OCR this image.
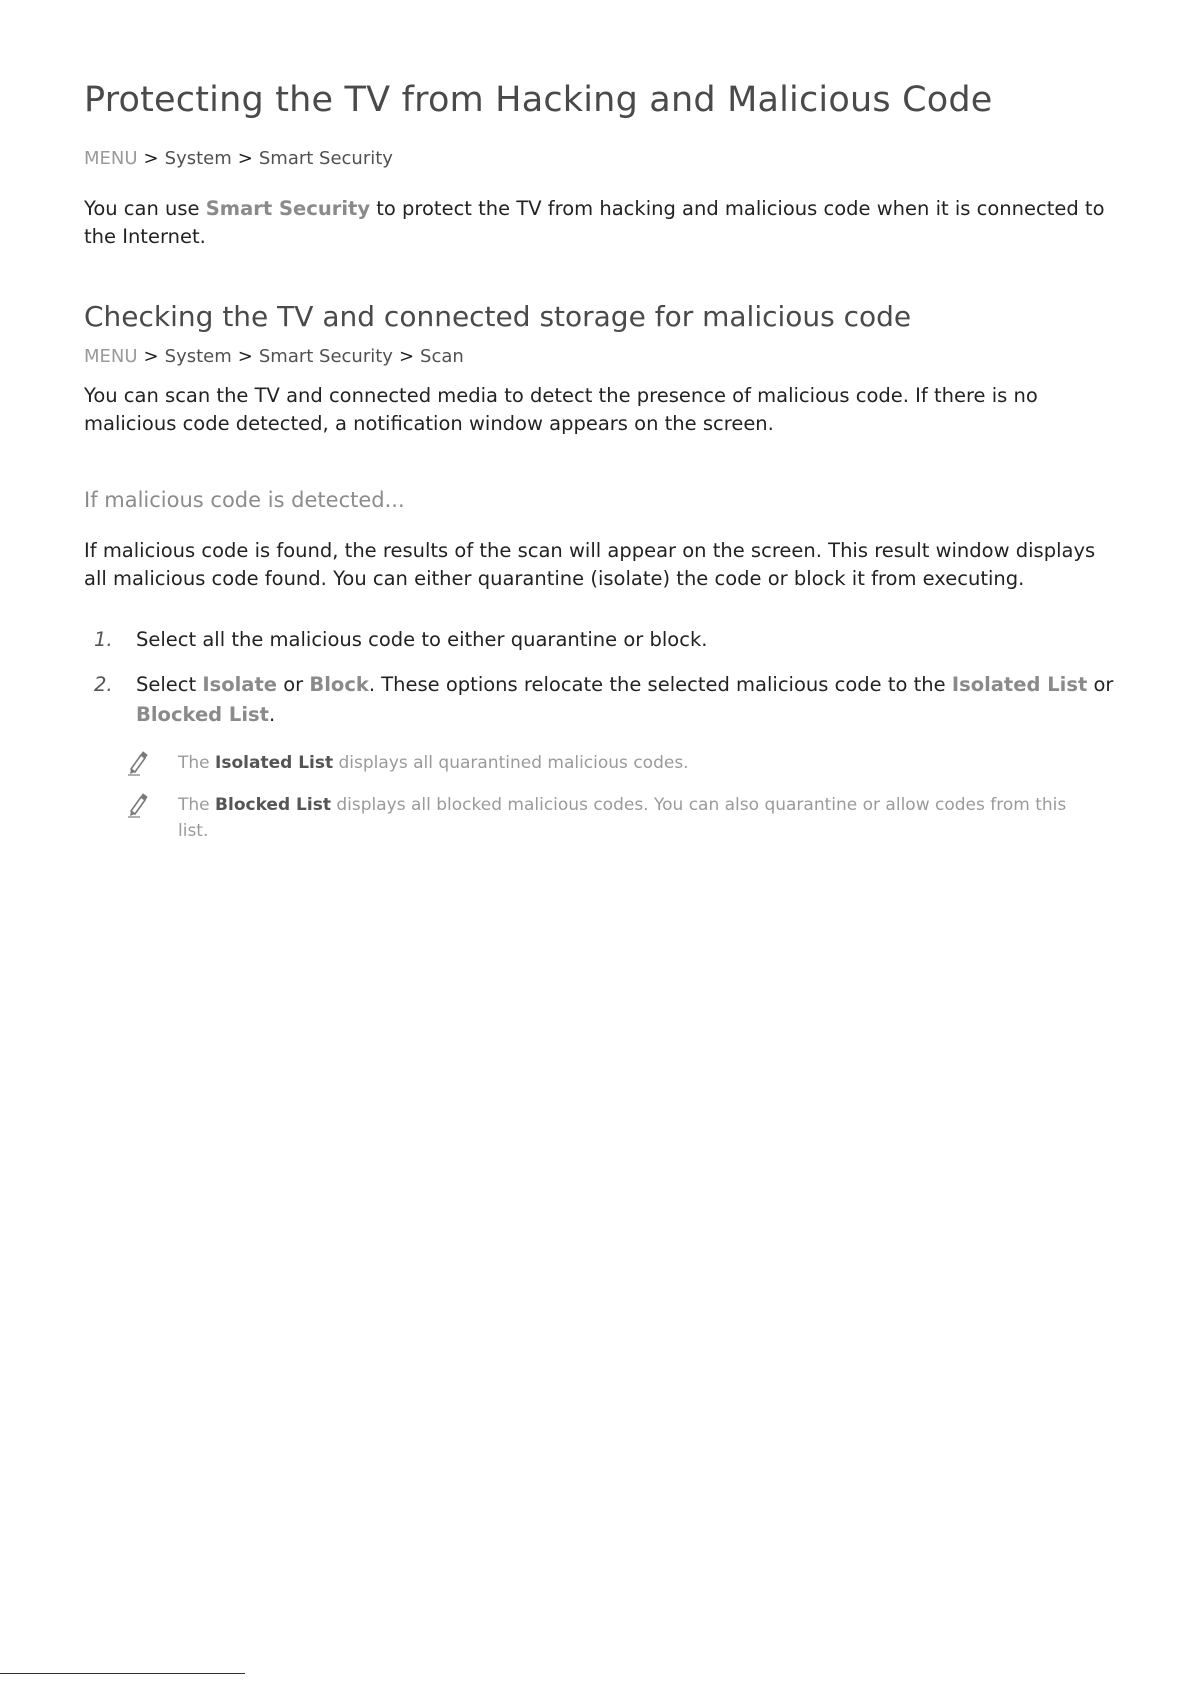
Protecting the TV from Hacking and Malicious Code
MENU > System > Smart Security

You can use Smart Security to protect the TV from hacking and malicious code when it is connected to the Internet.

Checking the TV and connected storage for malicious code
MENU > System > Smart Security > Scan

You can scan the TV and connected media to detect the presence of malicious code. If there is no malicious code detected, a notification window appears on the screen.

If malicious code is detected...

If malicious code is found, the results of the scan will appear on the screen. This result window displays all malicious code found. You can either quarantine (isolate) the code or block it from executing.

1. Select all the malicious code to either quarantine or block.
2. Select Isolate or Block. These options relocate the selected malicious code to the Isolated List or Blocked List.
The Isolated List displays all quarantined malicious codes.
The Blocked List displays all blocked malicious codes. You can also quarantine or allow codes from this list.
